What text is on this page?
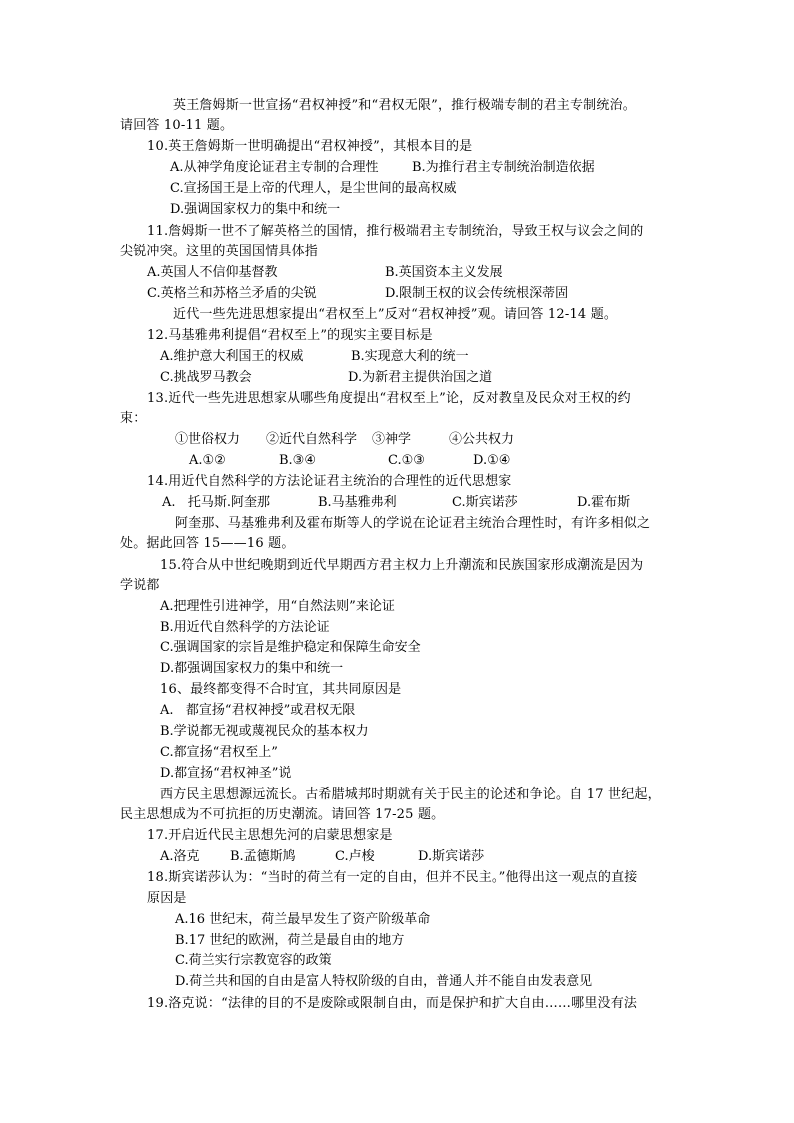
英王詹姆斯一世宣扬“君权神授”和“君权无限”，推行极端专制的君主专制统治。
请回答 10-11 题。
10.英王詹姆斯一世明确提出“君权神授”，其根本目的是
A.从神学角度论证君主专制的合理性	B.为推行君主专制统治制造依据
C.宣扬国王是上帝的代理人，是尘世间的最高权威
D.强调国家权力的集中和统一
11.詹姆斯一世不了解英格兰的国情，推行极端君主专制统治，导致王权与议会之间的
尖锐冲突。这里的英国国情具体指
A.英国人不信仰基督教	B.英国资本主义发展
C.英格兰和苏格兰矛盾的尖锐	D.限制王权的议会传统根深蒂固
近代一些先进思想家提出“君权至上”反对“君权神授”观。请回答 12-14 题。
12.马基雅弗利提倡“君权至上”的现实主要目标是
A.维护意大利国王的权威	B.实现意大利的统一
C.挑战罗马教会	D.为新君主提供治国之道
13.近代一些先进思想家从哪些角度提出“君权至上”论，反对教皇及民众对王权的约
束：
①世俗权力 ②近代自然科学 ③神学	④公共权力
A.①②	B.③④	C.①③	D.①④
14.用近代自然科学的方法论证君主统治的合理性的近代思想家
A.   托马斯.阿奎那	B.马基雅弗利	C.斯宾诺莎	D.霍布斯
阿奎那、马基雅弗利及霍布斯等人的学说在论证君主统治合理性时，有许多相似之
处。据此回答 15——16 题。
15.符合从中世纪晚期到近代早期西方君主权力上升潮流和民族国家形成潮流是因为
学说都
A.把理性引进神学，用“自然法则”来论证
B.用近代自然科学的方法论证
C.强调国家的宗旨是维护稳定和保障生命安全
D.都强调国家权力的集中和统一
16、最终都变得不合时宜，其共同原因是
A.   都宣扬“君权神授”或君权无限
B.学说都无视或蔑视民众的基本权力
C.都宣扬“君权至上”
D.都宣扬“君权神圣”说
西方民主思想源远流长。古希腊城邦时期就有关于民主的论述和争论。自 17 世纪起，
民主思想成为不可抗拒的历史潮流。请回答 17-25 题。
17.开启近代民主思想先河的启蒙思想家是
A.洛克 B.孟德斯鸠	C.卢梭	D.斯宾诺莎
18.斯宾诺莎认为：“当时的荷兰有一定的自由，但并不民主。”他得出这一观点的直接
原因是
A.16 世纪末，荷兰最早发生了资产阶级革命
B.17 世纪的欧洲，荷兰是最自由的地方
C.荷兰实行宗教宽容的政策
D.荷兰共和国的自由是富人特权阶级的自由，普通人并不能自由发表意见
19.洛克说：“法律的目的不是废除或限制自由，而是保护和扩大自由……哪里没有法
